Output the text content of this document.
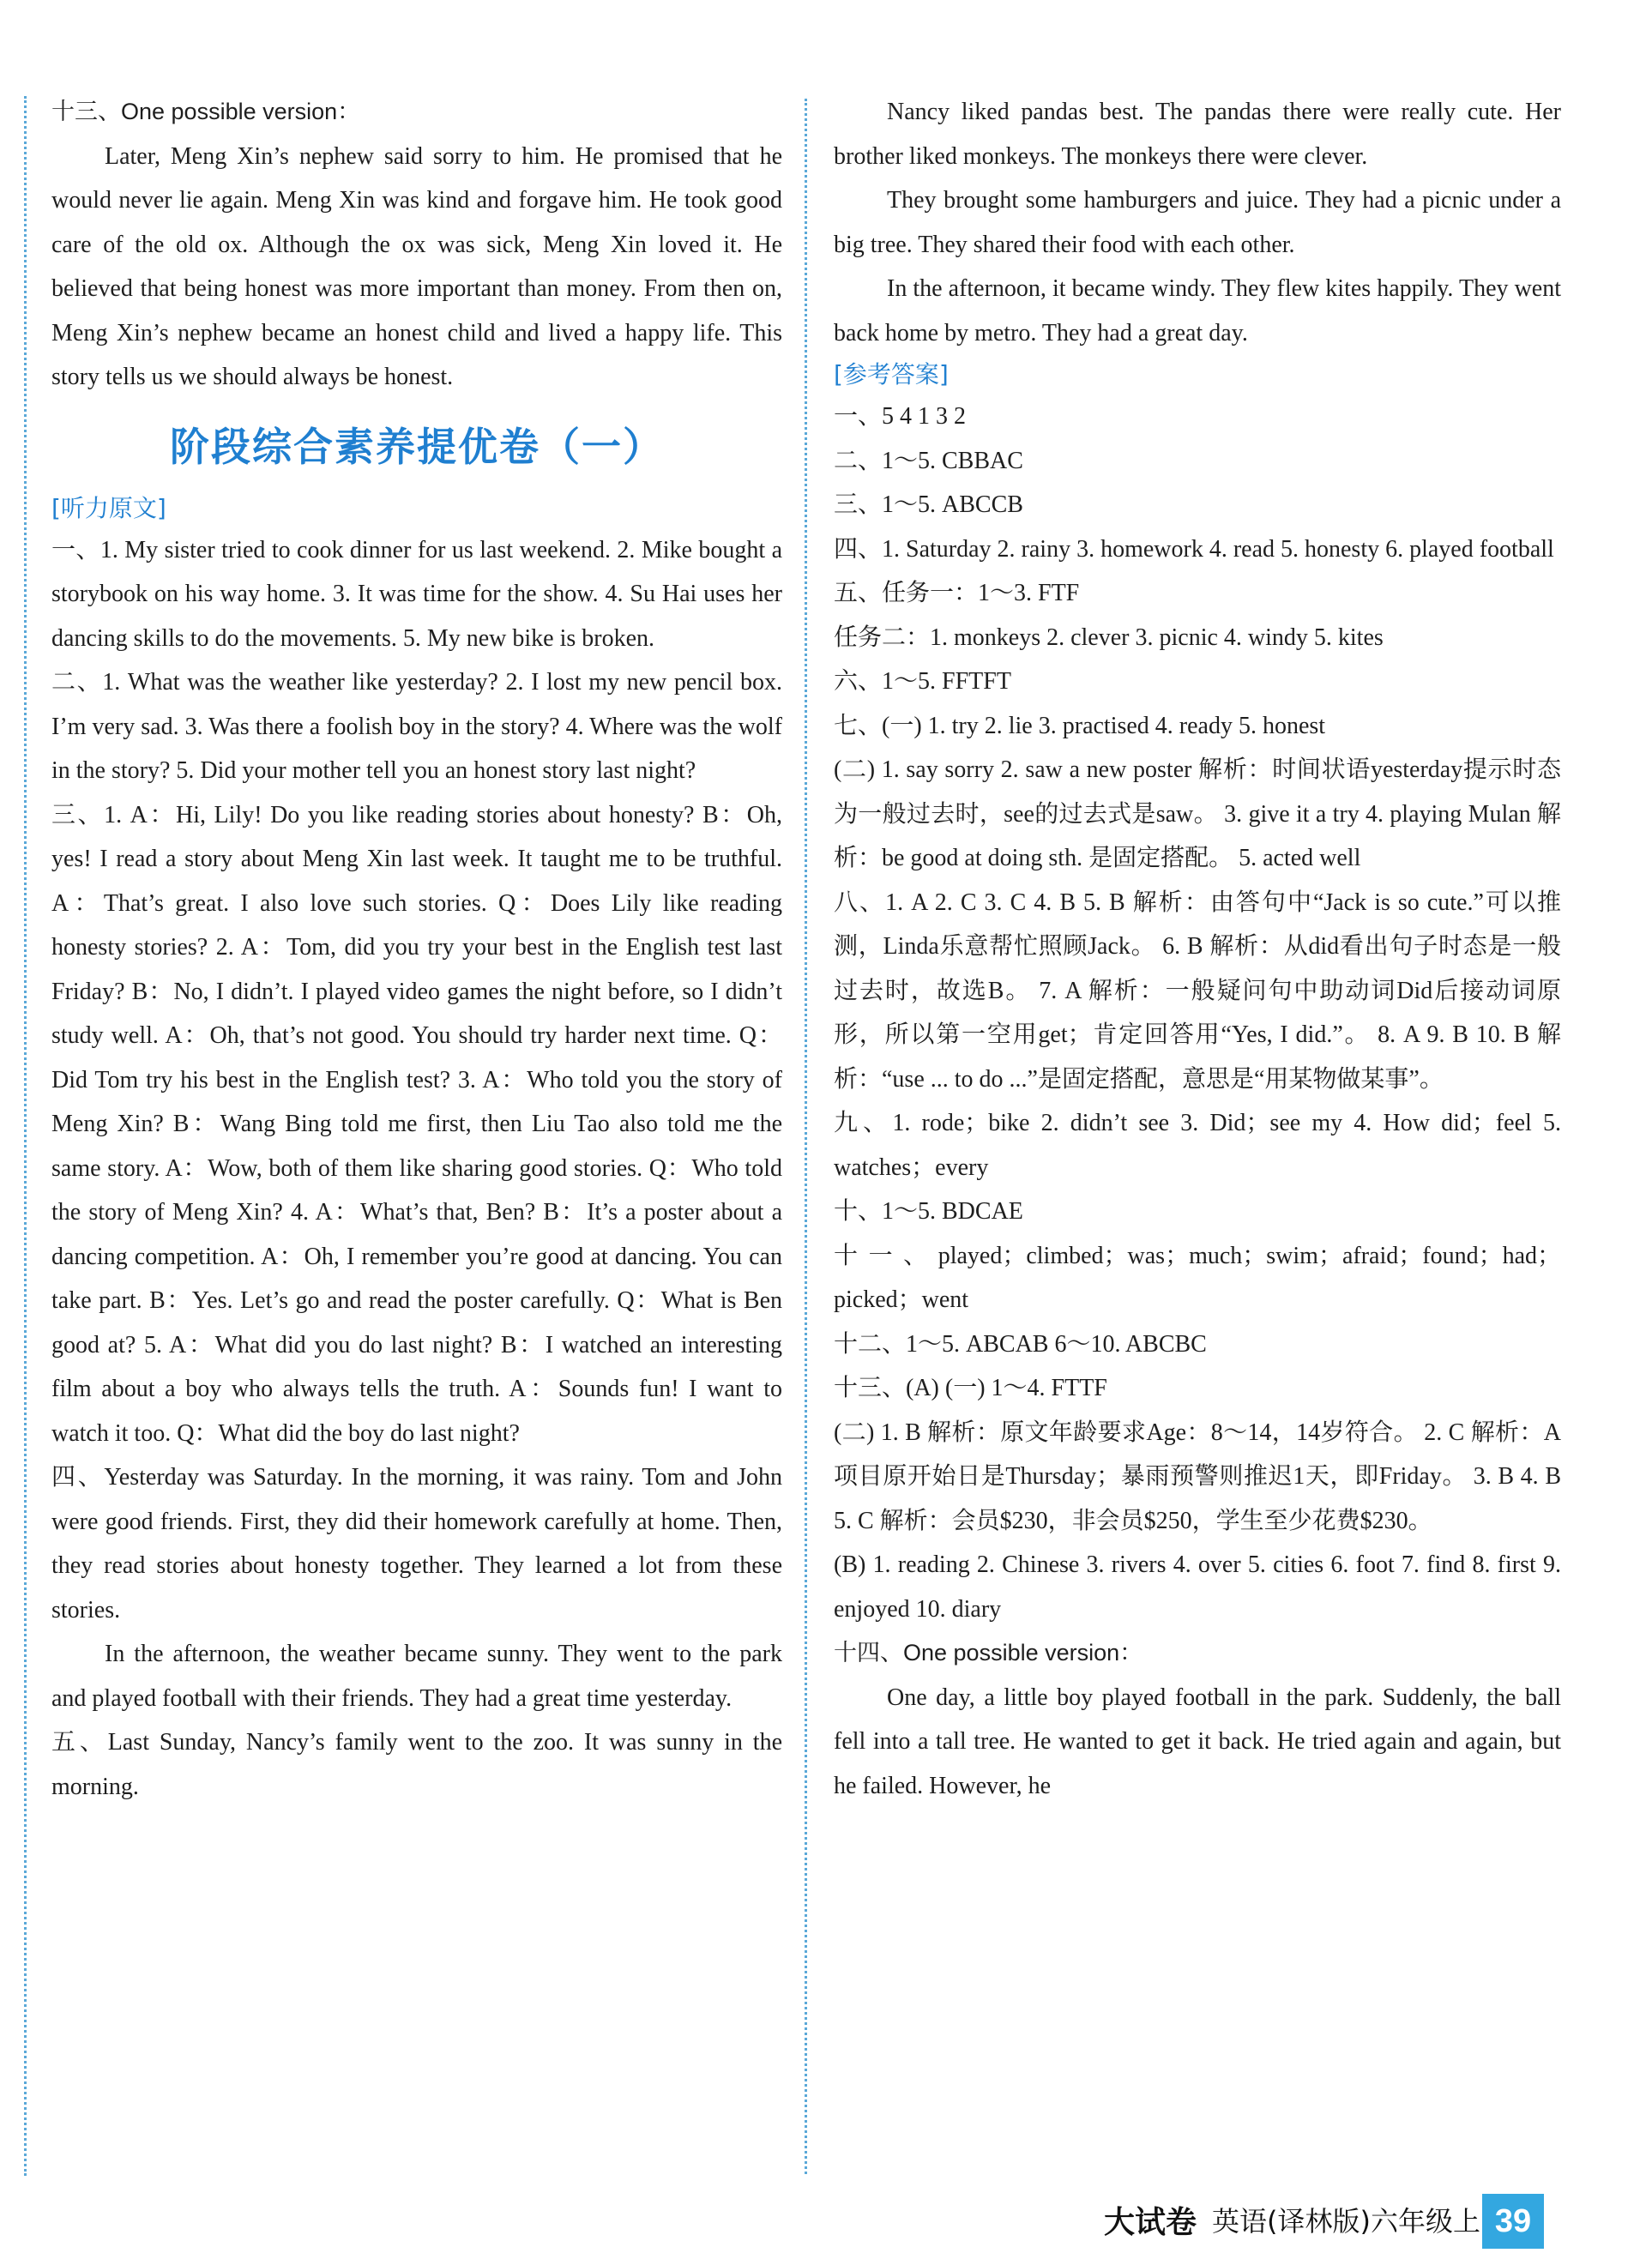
十三、One possible version：

Later, Meng Xin’s nephew said sorry to him. He promised that he would never lie again. Meng Xin was kind and forgave him. He took good care of the old ox. Although the ox was sick, Meng Xin loved it. He believed that being honest was more important than money. From then on, Meng Xin’s nephew became an honest child and lived a happy life. This story tells us we should always be honest.

阶段综合素养提优卷（一）
[听力原文]

一、1. My sister tried to cook dinner for us last weekend. 2. Mike bought a storybook on his way home. 3. It was time for the show. 4. Su Hai uses her dancing skills to do the movements. 5. My new bike is broken.

二、1. What was the weather like yesterday? 2. I lost my new pencil box. I’m very sad. 3. Was there a foolish boy in the story? 4. Where was the wolf in the story? 5. Did your mother tell you an honest story last night?

三、1. A：Hi, Lily! Do you like reading stories about honesty? B：Oh, yes! I read a story about Meng Xin last week. It taught me to be truthful. A：That’s great. I also love such stories. Q：Does Lily like reading honesty stories? 2. A：Tom, did you try your best in the English test last Friday? B：No, I didn’t. I played video games the night before, so I didn’t study well. A：Oh, that’s not good. You should try harder next time. Q：Did Tom try his best in the English test? 3. A：Who told you the story of Meng Xin? B：Wang Bing told me first, then Liu Tao also told me the same story. A：Wow, both of them like sharing good stories. Q：Who told the story of Meng Xin? 4. A：What’s that, Ben? B：It’s a poster about a dancing competition. A：Oh, I remember you’re good at dancing. You can take part. B：Yes. Let’s go and read the poster carefully. Q：What is Ben good at? 5. A：What did you do last night? B：I watched an interesting film about a boy who always tells the truth. A：Sounds fun! I want to watch it too. Q：What did the boy do last night?

四、Yesterday was Saturday. In the morning, it was rainy. Tom and John were good friends. First, they did their homework carefully at home. Then, they read stories about honesty together. They learned a lot from these stories.

In the afternoon, the weather became sunny. They went to the park and played football with their friends. They had a great time yesterday.

五、Last Sunday, Nancy’s family went to the zoo. It was sunny in the morning.

Nancy liked pandas best. The pandas there were really cute. Her brother liked monkeys. The monkeys there were clever.

They brought some hamburgers and juice. They had a picnic under a big tree. They shared their food with each other.

In the afternoon, it became windy. They flew kites happily. They went back home by metro. They had a great day.

[参考答案]

一、5 4 1 3 2

二、1～5. CBBAC

三、1～5. ABCCB

四、1. Saturday 2. rainy 3. homework 4. read 5. honesty 6. played football

五、任务一：1～3. FTF

任务二：1. monkeys 2. clever 3. picnic 4. windy 5. kites

六、1～5. FFTFT

七、(一) 1. try 2. lie 3. practised 4. ready 5. honest

(二) 1. say sorry 2. saw a new poster 解析：时间状语yesterday提示时态为一般过去时，see的过去式是saw。 3. give it a try 4. playing Mulan 解析：be good at doing sth. 是固定搭配。 5. acted well

八、1. A 2. C 3. C 4. B 5. B 解析：由答句中“Jack is so cute.”可以推测，Linda乐意帮忙照顾Jack。 6. B 解析：从did看出句子时态是一般过去时，故选B。 7. A 解析：一般疑问句中助动词Did后接动词原形，所以第一空用get；肯定回答用“Yes, I did.”。 8. A 9. B 10. B 解析：“use ... to do ...”是固定搭配，意思是“用某物做某事”。

九、1. rode；bike 2. didn’t see 3. Did；see my 4. How did；feel 5. watches；every

十、1～5. BDCAE

十一、played；climbed；was；much；swim；afraid；found；had；picked；went

十二、1～5. ABCAB 6～10. ABCBC

十三、(A) (一) 1～4. FTTF

(二) 1. B 解析：原文年龄要求Age：8～14，14岁符合。 2. C 解析：A项目原开始日是Thursday；暴雨预警则推迟1天，即Friday。 3. B 4. B 5. C 解析：会员$230，非会员$250，学生至少花费$230。

(B) 1. reading 2. Chinese 3. rivers 4. over 5. cities 6. foot 7. find 8. first 9. enjoyed 10. diary

十四、One possible version：

One day, a little boy played football in the park. Suddenly, the ball fell into a tall tree. He wanted to get it back. He tried again and again, but he failed. However, he

大试卷 英语(译林版)六年级上 39
